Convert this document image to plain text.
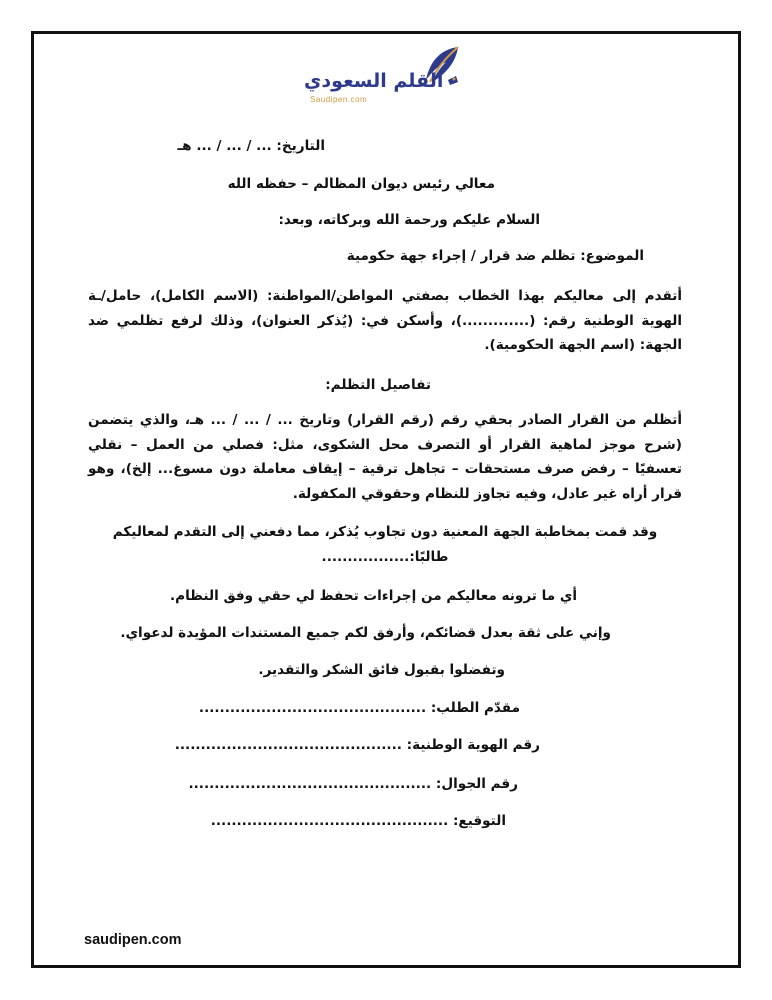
القلم السعودي
Saudipen.com
التاريخ: ... / ... / ... هـ
معالي رئيس ديوان المظالم – حفظه الله
السلام عليكم ورحمة الله وبركاته، وبعد:
الموضوع: تظلم ضد قرار / إجراء جهة حكومية
أتقدم إلى معاليكم بهذا الخطاب بصفتي المواطن/المواطنة: (الاسم الكامل)، حامل/ـة الهوية الوطنية رقم: (.............)، وأسكن في: (يُذكر العنوان)، وذلك لرفع تظلمي ضد الجهة: (اسم الجهة الحكومية).
تفاصيل التظلم:
أتظلم من القرار الصادر بحقي رقم (رقم القرار) وتاريخ ... / ... / ... هـ، والذي يتضمن (شرح موجز لماهية القرار أو التصرف محل الشكوى، مثل: فصلي من العمل – نقلي تعسفيًا – رفض صرف مستحقات – تجاهل ترقية – إيقاف معاملة دون مسوغ... إلخ)، وهو قرار أراه غير عادل، وفيه تجاوز للنظام وحقوقي المكفولة.
وقد قمت بمخاطبة الجهة المعنية دون تجاوب يُذكر، مما دفعني إلى التقدم لمعاليكم طالبًا:.................
أي ما ترونه معاليكم من إجراءات تحفظ لي حقي وفق النظام.
وإني على ثقة بعدل قضائكم، وأرفق لكم جميع المستندات المؤيدة لدعواي.
وتفضلوا بقبول فائق الشكر والتقدير.
مقدّم الطلب: ............................................
رقم الهوية الوطنية: ............................................
رقم الجوال: ...............................................
التوقيع: ..............................................
saudipen.com
